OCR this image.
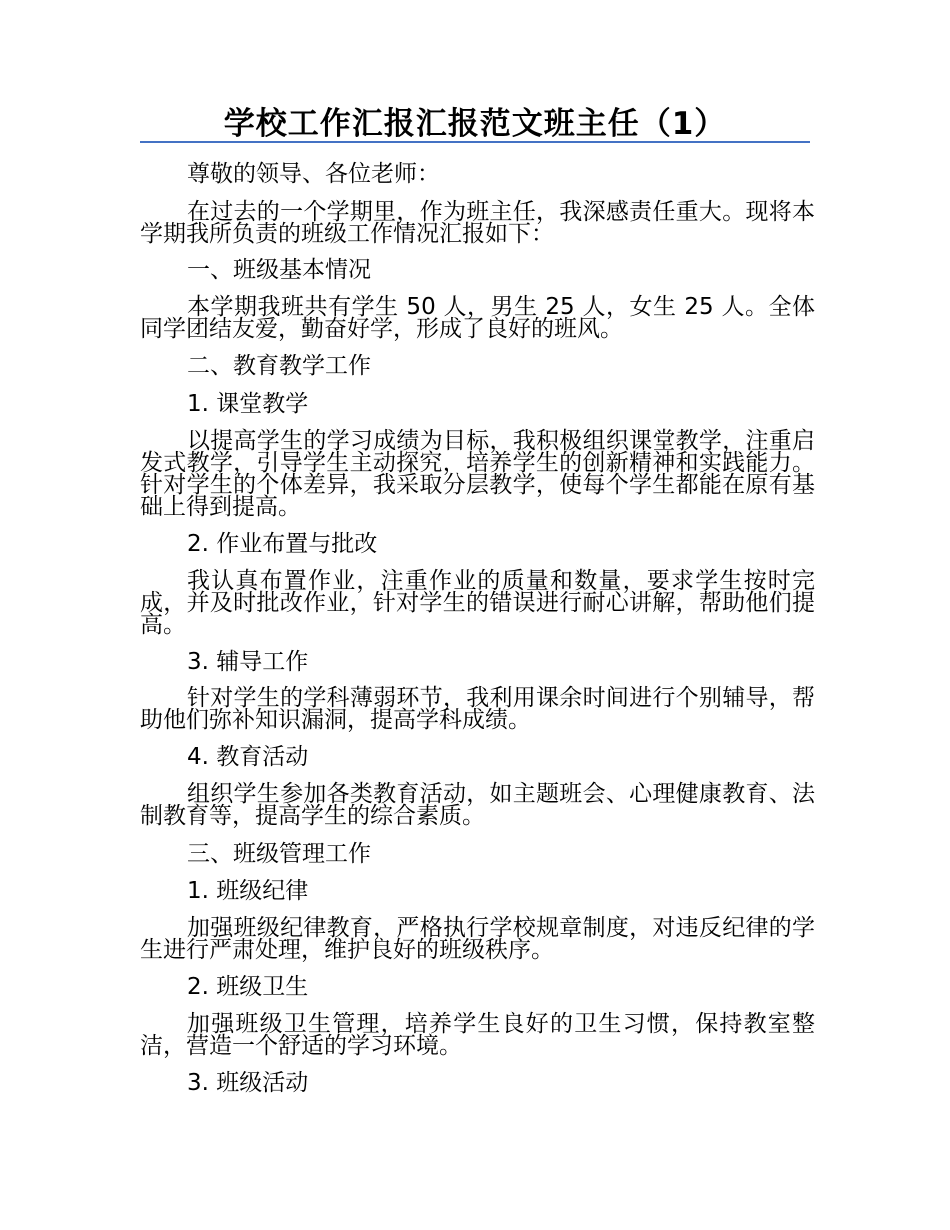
学校工作汇报汇报范文班主任（1）
尊敬的领导、各位老师：
在过去的一个学期里，作为班主任，我深感责任重大。现将本学期我所负责的班级工作情况汇报如下：
一、班级基本情况
本学期我班共有学生 50 人，男生 25 人，女生 25 人。全体同学团结友爱，勤奋好学，形成了良好的班风。
二、教育教学工作
1. 课堂教学
以提高学生的学习成绩为目标，我积极组织课堂教学，注重启发式教学，引导学生主动探究，培养学生的创新精神和实践能力。针对学生的个体差异，我采取分层教学，使每个学生都能在原有基础上得到提高。
2. 作业布置与批改
我认真布置作业，注重作业的质量和数量，要求学生按时完成，并及时批改作业，针对学生的错误进行耐心讲解，帮助他们提高。
3. 辅导工作
针对学生的学科薄弱环节，我利用课余时间进行个别辅导，帮助他们弥补知识漏洞，提高学科成绩。
4. 教育活动
组织学生参加各类教育活动，如主题班会、心理健康教育、法制教育等，提高学生的综合素质。
三、班级管理工作
1. 班级纪律
加强班级纪律教育，严格执行学校规章制度，对违反纪律的学生进行严肃处理，维护良好的班级秩序。
2. 班级卫生
加强班级卫生管理，培养学生良好的卫生习惯，保持教室整洁，营造一个舒适的学习环境。
3. 班级活动
